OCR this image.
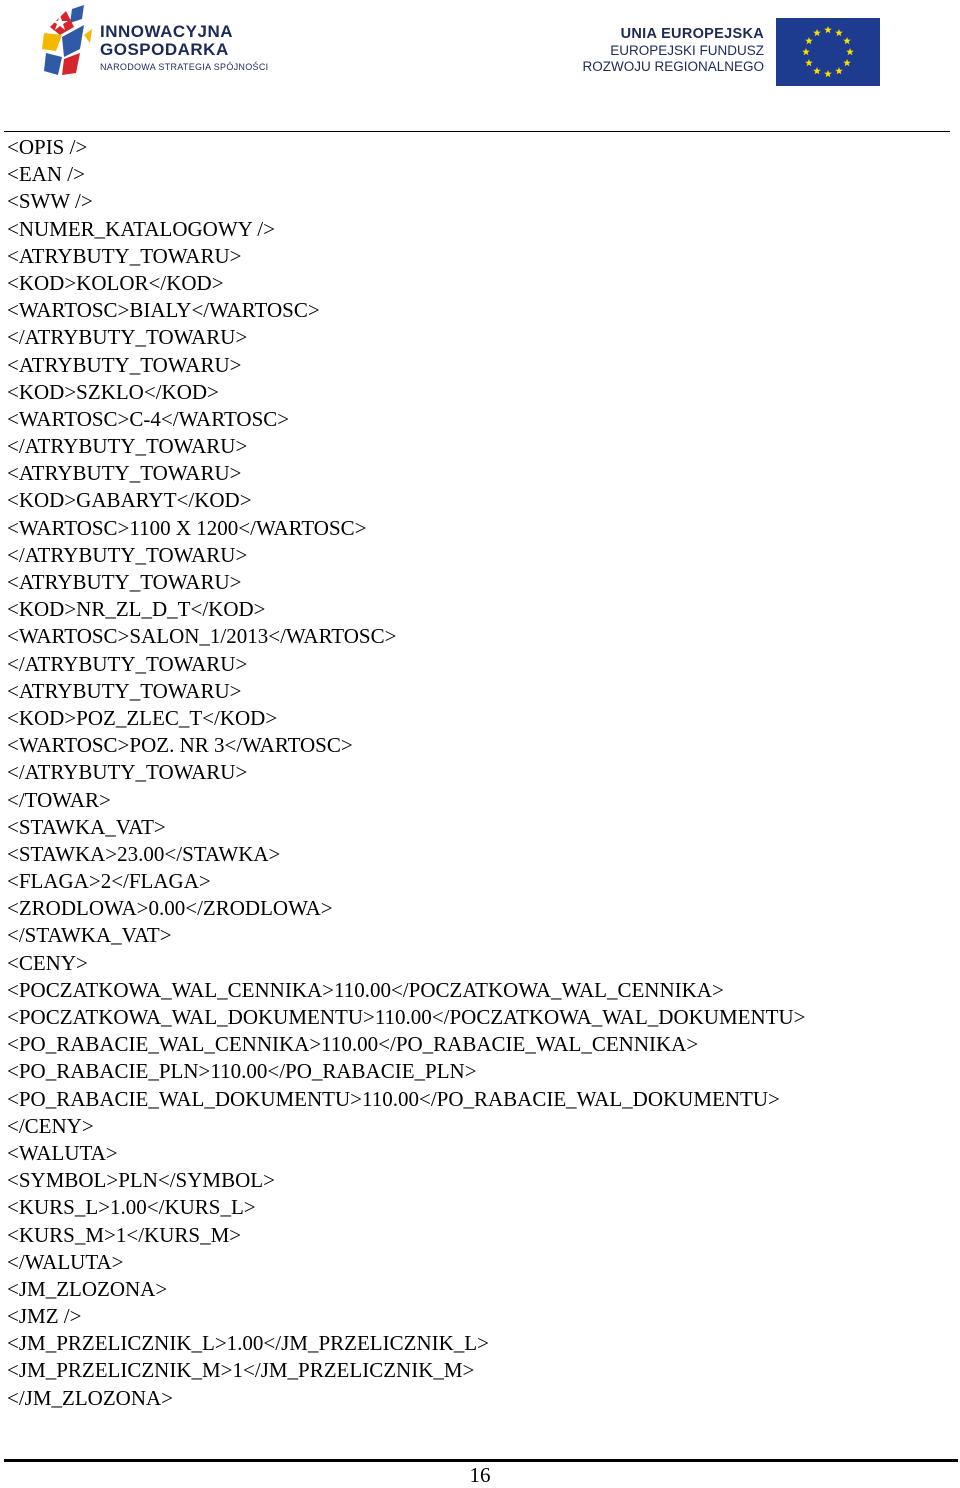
INNOWACYJNA
GOSPODARKA
NARODOWA STRATEGIA SPÓJNOŚCI
UNIA EUROPEJSKA
EUROPEJSKI FUNDUSZ
ROZWOJU REGIONALNEGO
<OPIS />
<EAN />
<SWW />
<NUMER_KATALOGOWY />
<ATRYBUTY_TOWARU>
<KOD>KOLOR</KOD>
<WARTOSC>BIALY</WARTOSC>
</ATRYBUTY_TOWARU>
<ATRYBUTY_TOWARU>
<KOD>SZKLO</KOD>
<WARTOSC>C-4</WARTOSC>
</ATRYBUTY_TOWARU>
<ATRYBUTY_TOWARU>
<KOD>GABARYT</KOD>
<WARTOSC>1100 X 1200</WARTOSC>
</ATRYBUTY_TOWARU>
<ATRYBUTY_TOWARU>
<KOD>NR_ZL_D_T</KOD>
<WARTOSC>SALON_1/2013</WARTOSC>
</ATRYBUTY_TOWARU>
<ATRYBUTY_TOWARU>
<KOD>POZ_ZLEC_T</KOD>
<WARTOSC>POZ. NR 3</WARTOSC>
</ATRYBUTY_TOWARU>
</TOWAR>
<STAWKA_VAT>
<STAWKA>23.00</STAWKA>
<FLAGA>2</FLAGA>
<ZRODLOWA>0.00</ZRODLOWA>
</STAWKA_VAT>
<CENY>
<POCZATKOWA_WAL_CENNIKA>110.00</POCZATKOWA_WAL_CENNIKA>
<POCZATKOWA_WAL_DOKUMENTU>110.00</POCZATKOWA_WAL_DOKUMENTU>
<PO_RABACIE_WAL_CENNIKA>110.00</PO_RABACIE_WAL_CENNIKA>
<PO_RABACIE_PLN>110.00</PO_RABACIE_PLN>
<PO_RABACIE_WAL_DOKUMENTU>110.00</PO_RABACIE_WAL_DOKUMENTU>
</CENY>
<WALUTA>
<SYMBOL>PLN</SYMBOL>
<KURS_L>1.00</KURS_L>
<KURS_M>1</KURS_M>
</WALUTA>
<JM_ZLOZONA>
<JMZ />
<JM_PRZELICZNIK_L>1.00</JM_PRZELICZNIK_L>
<JM_PRZELICZNIK_M>1</JM_PRZELICZNIK_M>
</JM_ZLOZONA>
16
